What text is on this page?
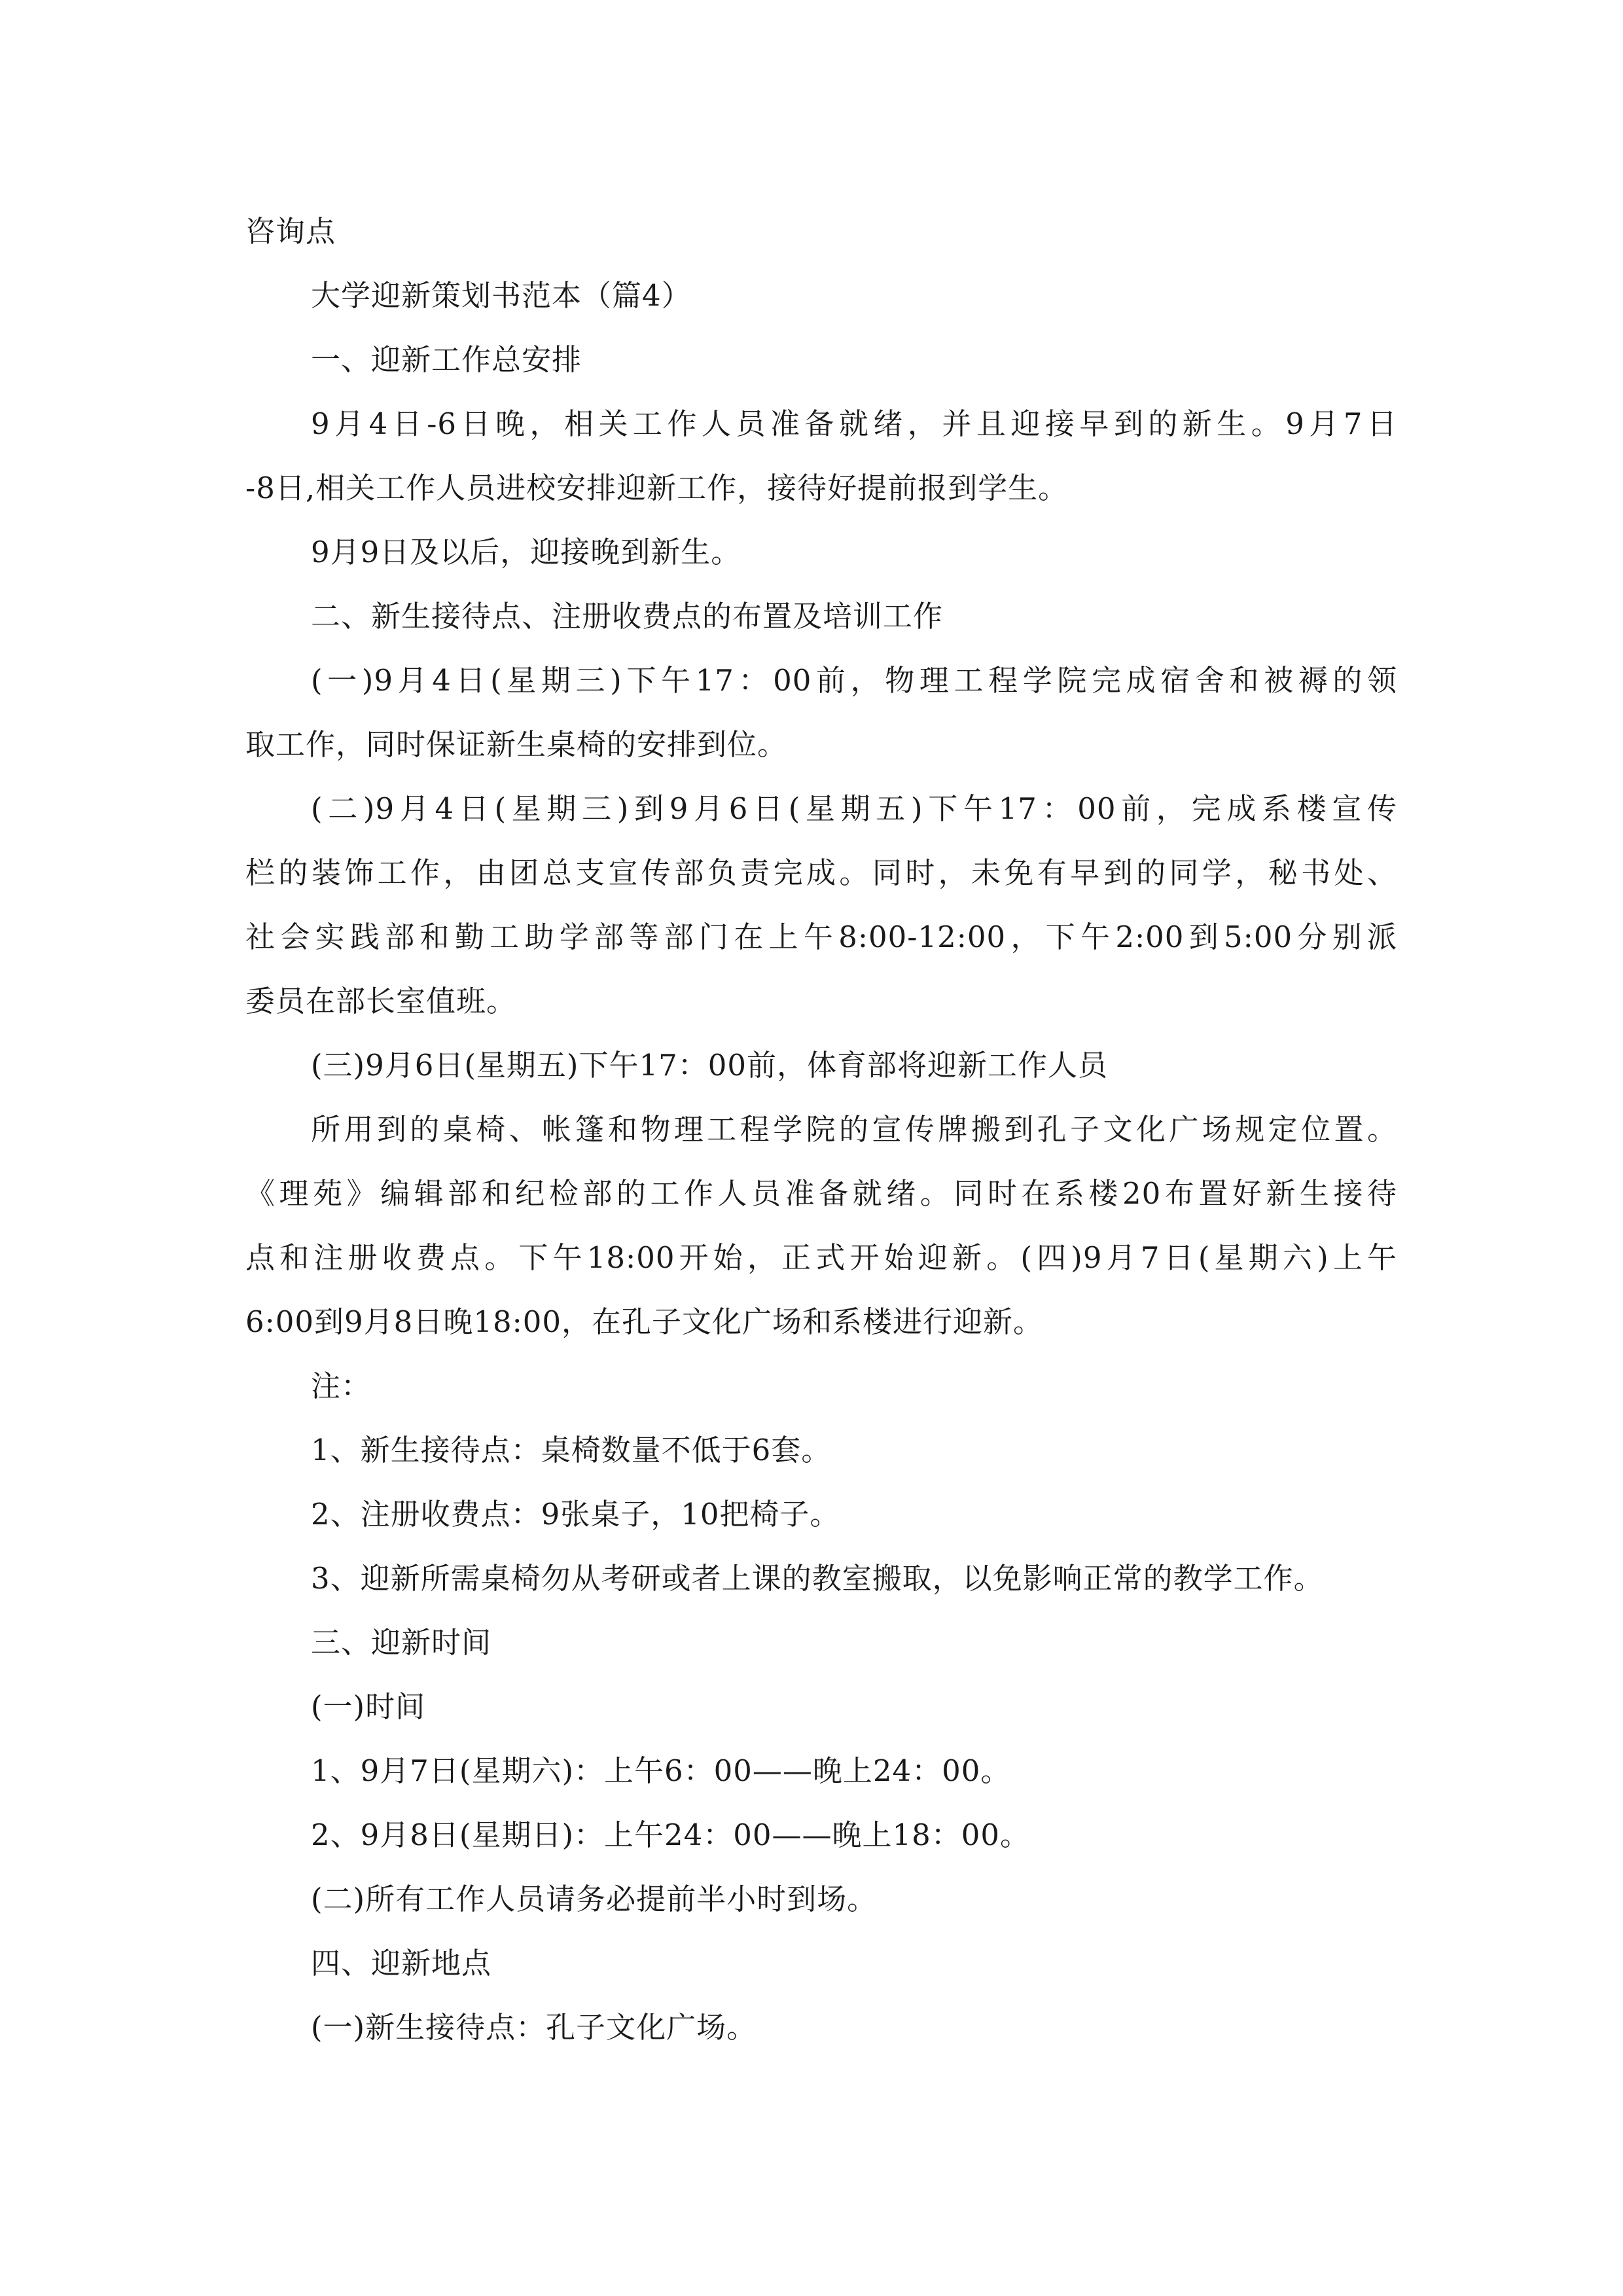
咨询点
大学迎新策划书范本（篇4）
一、迎新工作总安排
9月4日-6日晚，相关工作人员准备就绪，并且迎接早到的新生。9月7日
-8日,相关工作人员进校安排迎新工作，接待好提前报到学生。
9月9日及以后，迎接晚到新生。
二、新生接待点、注册收费点的布置及培训工作
(一)9月4日(星期三)下午17：00前，物理工程学院完成宿舍和被褥的领
取工作，同时保证新生桌椅的安排到位。
(二)9月4日(星期三)到9月6日(星期五)下午17：00前，完成系楼宣传
栏的装饰工作，由团总支宣传部负责完成。同时，未免有早到的同学，秘书处、
社会实践部和勤工助学部等部门在上午8:00-12:00，下午2:00到5:00分别派
委员在部长室值班。
(三)9月6日(星期五)下午17：00前，体育部将迎新工作人员
所用到的桌椅、帐篷和物理工程学院的宣传牌搬到孔子文化广场规定位置。
《理苑》编辑部和纪检部的工作人员准备就绪。同时在系楼20布置好新生接待
点和注册收费点。下午18:00开始，正式开始迎新。(四)9月7日(星期六)上午
6:00到9月8日晚18:00，在孔子文化广场和系楼进行迎新。
注：
1、新生接待点：桌椅数量不低于6套。
2、注册收费点：9张桌子，10把椅子。
3、迎新所需桌椅勿从考研或者上课的教室搬取，以免影响正常的教学工作。
三、迎新时间
(一)时间
1、9月7日(星期六)：上午6：00——晚上24：00。
2、9月8日(星期日)：上午24：00——晚上18：00。
(二)所有工作人员请务必提前半小时到场。
四、迎新地点
(一)新生接待点：孔子文化广场。
